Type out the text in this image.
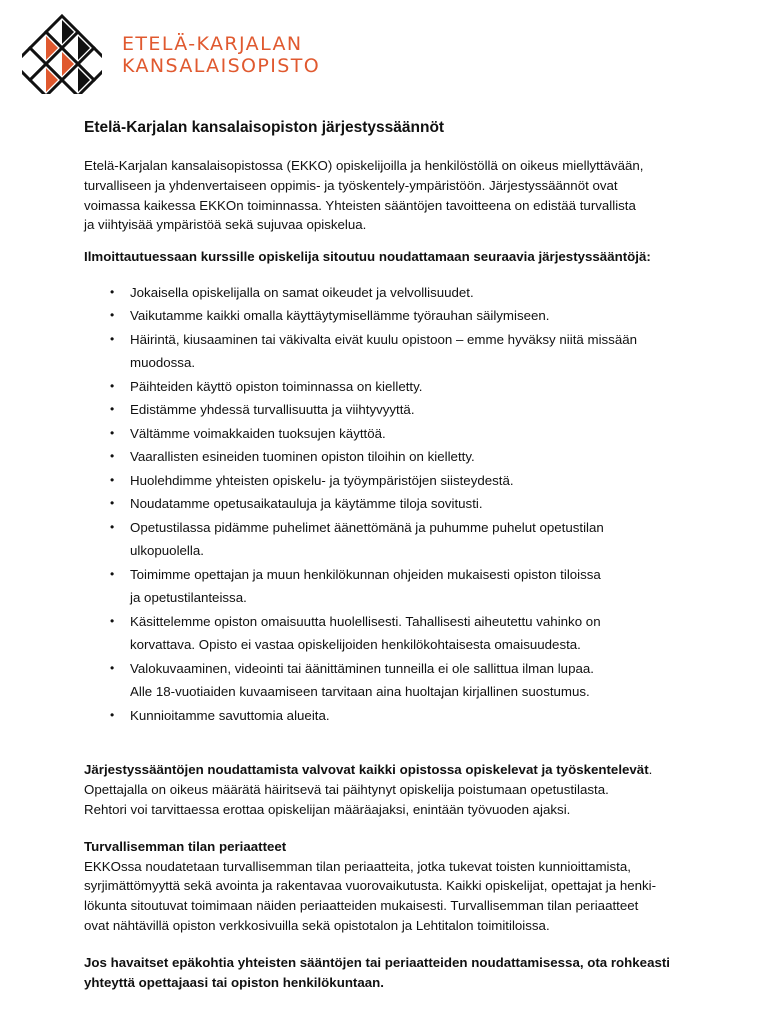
ETELÄ-KARJALAN
KANSALAISOPISTO
Etelä-Karjalan kansalaisopiston järjestyssäännöt
Etelä-Karjalan kansalaisopistossa (EKKO) opiskelijoilla ja henkilöstöllä on oikeus miellyttävään,
turvalliseen ja yhdenvertaiseen oppimis- ja työskentely-ympäristöön. Järjestyssäännöt ovat
voimassa kaikessa EKKOn toiminnassa. Yhteisten sääntöjen tavoitteena on edistää turvallista
ja viihtyisää ympäristöä sekä sujuvaa opiskelua.
Ilmoittautuessaan kurssille opiskelija sitoutuu noudattamaan seuraavia järjestyssääntöjä:
• Jokaisella opiskelijalla on samat oikeudet ja velvollisuudet.
• Vaikutamme kaikki omalla käyttäytymisellämme työrauhan säilymiseen.
• Häirintä, kiusaaminen tai väkivalta eivät kuulu opistoon – emme hyväksy niitä missään
muodossa.
• Päihteiden käyttö opiston toiminnassa on kielletty.
• Edistämme yhdessä turvallisuutta ja viihtyvyyttä.
• Vältämme voimakkaiden tuoksujen käyttöä.
• Vaarallisten esineiden tuominen opiston tiloihin on kielletty.
• Huolehdimme yhteisten opiskelu- ja työympäristöjen siisteydestä.
• Noudatamme opetusaikatauluja ja käytämme tiloja sovitusti.
• Opetustilassa pidämme puhelimet äänettömänä ja puhumme puhelut opetustilan
ulkopuolella.
• Toimimme opettajan ja muun henkilökunnan ohjeiden mukaisesti opiston tiloissa
ja opetustilanteissa.
• Käsittelemme opiston omaisuutta huolellisesti. Tahallisesti aiheutettu vahinko on
korvattava. Opisto ei vastaa opiskelijoiden henkilökohtaisesta omaisuudesta.
• Valokuvaaminen, videointi tai äänittäminen tunneilla ei ole sallittua ilman lupaa.
Alle 18-vuotiaiden kuvaamiseen tarvitaan aina huoltajan kirjallinen suostumus.
• Kunnioitamme savuttomia alueita.
Järjestyssääntöjen noudattamista valvovat kaikki opistossa opiskelevat ja työskentelevät.
Opettajalla on oikeus määrätä häiritsevä tai päihtynyt opiskelija poistumaan opetustilasta.
Rehtori voi tarvittaessa erottaa opiskelijan määräajaksi, enintään työvuoden ajaksi.
Turvallisemman tilan periaatteet
EKKOssa noudatetaan turvallisemman tilan periaatteita, jotka tukevat toisten kunnioittamista,
syrjimättömyyttä sekä avointa ja rakentavaa vuorovaikutusta. Kaikki opiskelijat, opettajat ja henki-
lökunta sitoutuvat toimimaan näiden periaatteiden mukaisesti. Turvallisemman tilan periaatteet
ovat nähtävillä opiston verkkosivuilla sekä opistotalon ja Lehtitalon toimitiloissa.
Jos havaitset epäkohtia yhteisten sääntöjen tai periaatteiden noudattamisessa, ota rohkeasti
yhteyttä opettajaasi tai opiston henkilökuntaan.
